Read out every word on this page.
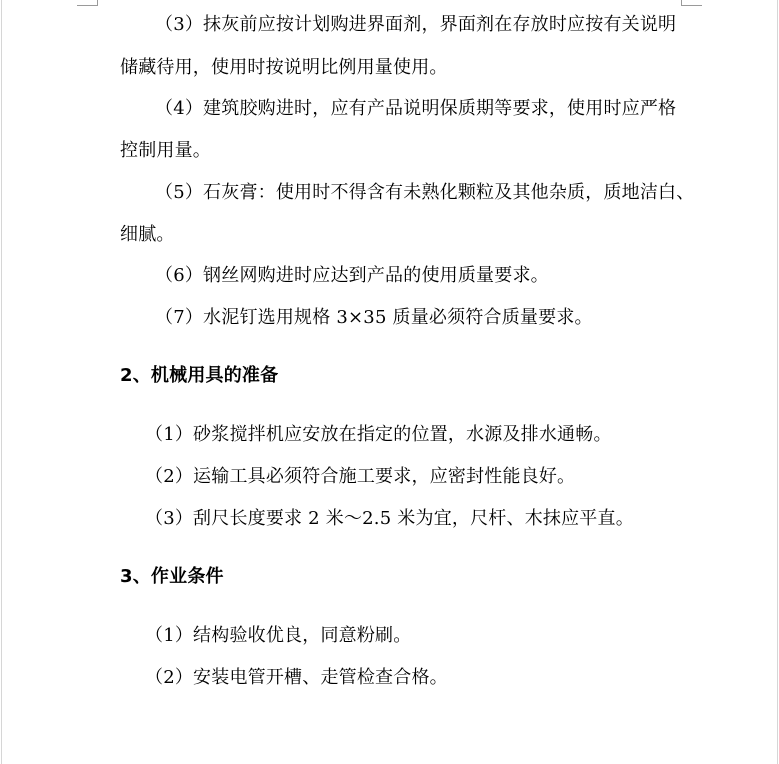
（3）抹灰前应按计划购进界面剂，界面剂在存放时应按有关说明
储藏待用，使用时按说明比例用量使用。
（4）建筑胶购进时，应有产品说明保质期等要求，使用时应严格
控制用量。
（5）石灰膏：使用时不得含有未熟化颗粒及其他杂质，质地洁白、
细腻。
（6）钢丝网购进时应达到产品的使用质量要求。
（7）水泥钉选用规格 3×35 质量必须符合质量要求。
2、机械用具的准备
（1）砂浆搅拌机应安放在指定的位置，水源及排水通畅。
（2）运输工具必须符合施工要求，应密封性能良好。
（3）刮尺长度要求 2 米～2.5 米为宜，尺杆、木抹应平直。
3、作业条件
（1）结构验收优良，同意粉刷。
（2）安装电管开槽、走管检查合格。
